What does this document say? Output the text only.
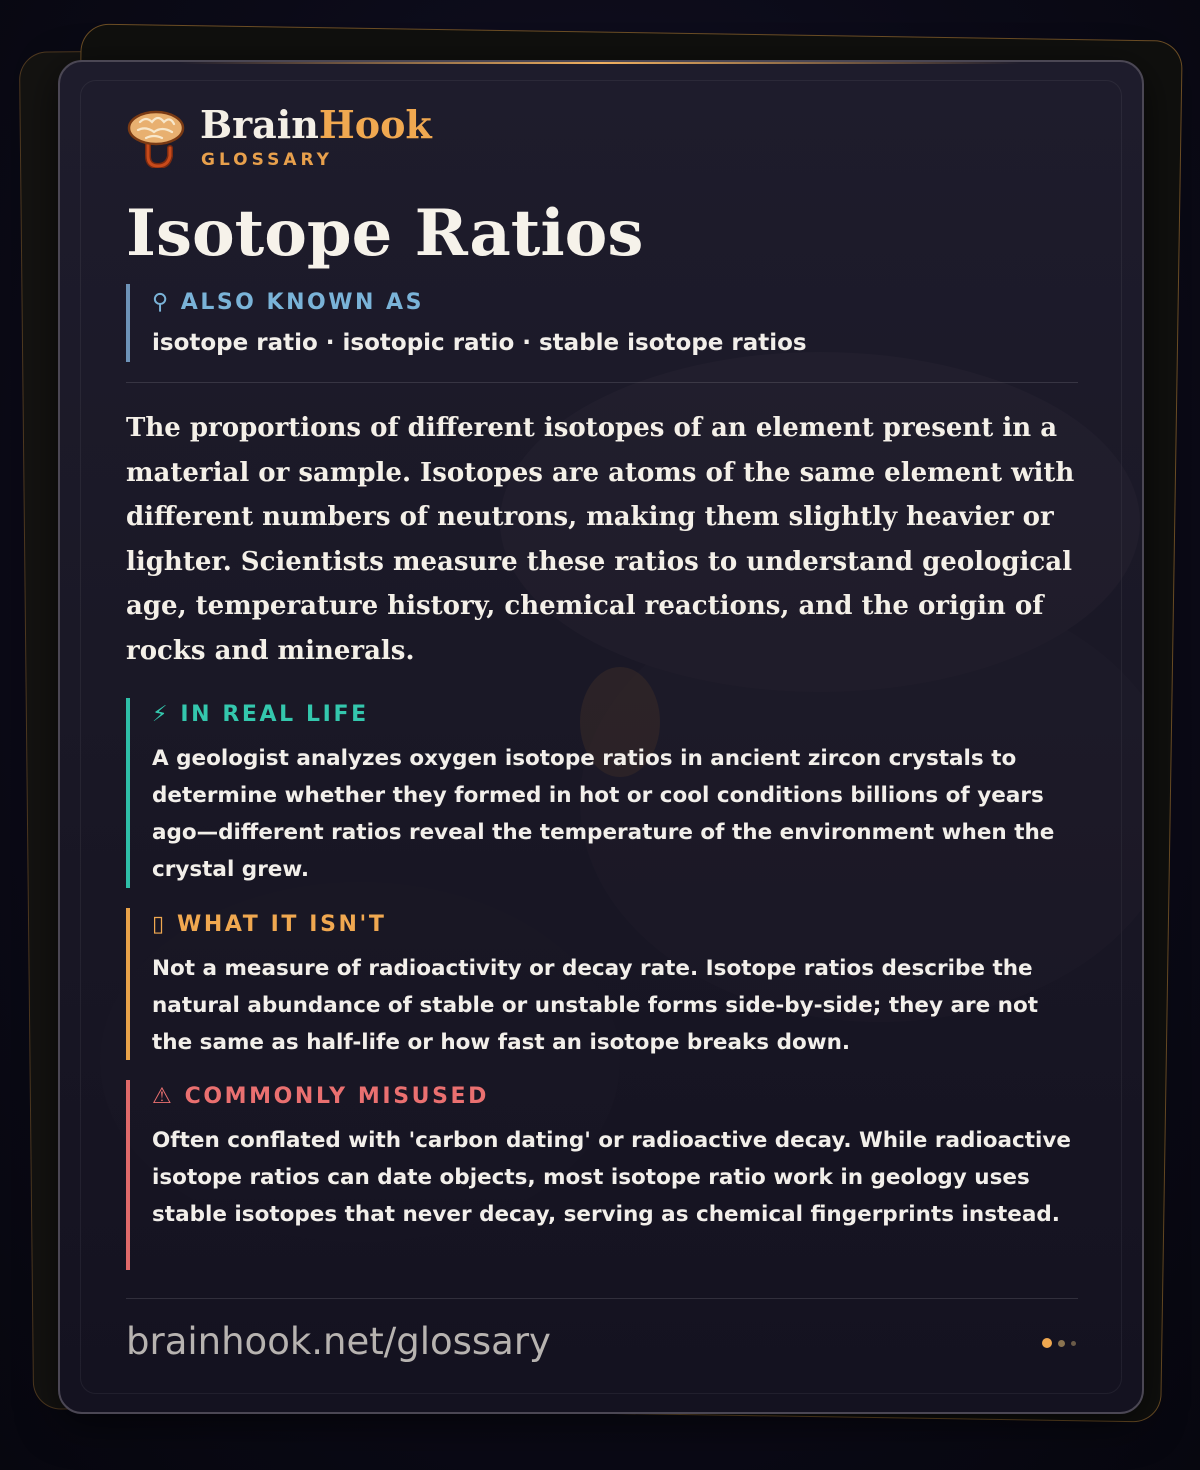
BrainHook
GLOSSARY
Isotope Ratios
⚲ ALSO KNOWN AS
isotope ratio · isotopic ratio · stable isotope ratios
The proportions of different isotopes of an element present in a material or sample. Isotopes are atoms of the same element with different numbers of neutrons, making them slightly heavier or lighter. Scientists measure these ratios to understand geological age, temperature history, chemical reactions, and the origin of rocks and minerals.
⚡ IN REAL LIFE
A geologist analyzes oxygen isotope ratios in ancient zircon crystals to determine whether they formed in hot or cool conditions billions of years ago—different ratios reveal the temperature of the environment when the crystal grew.
▯ WHAT IT ISN'T
Not a measure of radioactivity or decay rate. Isotope ratios describe the natural abundance of stable or unstable forms side-by-side; they are not the same as half-life or how fast an isotope breaks down.
⚠ COMMONLY MISUSED
Often conflated with 'carbon dating' or radioactive decay. While radioactive isotope ratios can date objects, most isotope ratio work in geology uses stable isotopes that never decay, serving as chemical fingerprints instead.
brainhook.net/glossary
